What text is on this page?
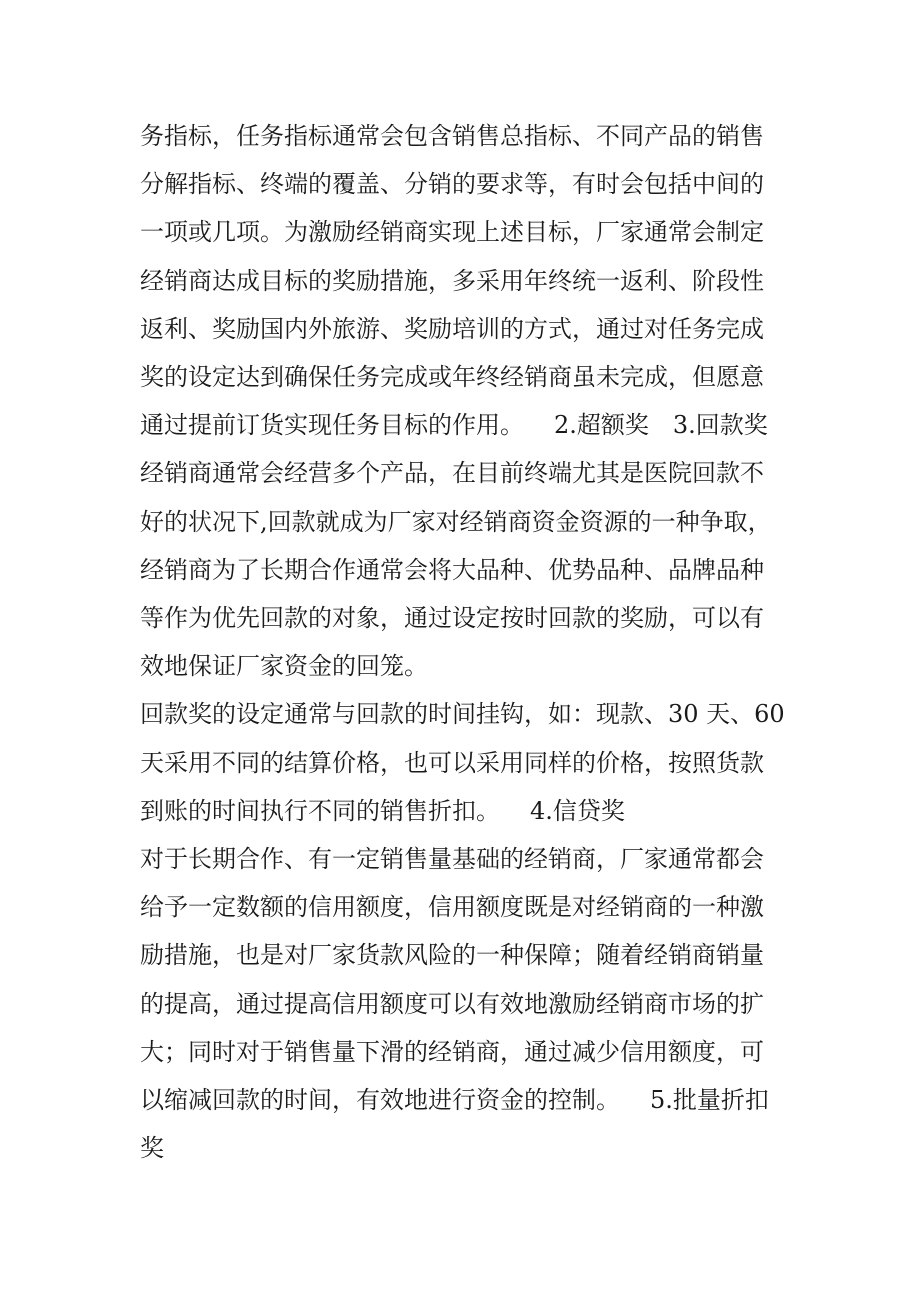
务指标，任务指标通常会包含销售总指标、不同产品的销售
分解指标、终端的覆盖、分销的要求等，有时会包括中间的
一项或几项。为激励经销商实现上述目标，厂家通常会制定
经销商达成目标的奖励措施，多采用年终统一返利、阶段性
返利、奖励国内外旅游、奖励培训的方式，通过对任务完成
奖的设定达到确保任务完成或年终经销商虽未完成，但愿意
通过提前订货实现任务目标的作用。 2.超额奖 3.回款奖
经销商通常会经营多个产品，在目前终端尤其是医院回款不
好的状况下,回款就成为厂家对经销商资金资源的一种争取，
经销商为了长期合作通常会将大品种、优势品种、品牌品种
等作为优先回款的对象，通过设定按时回款的奖励，可以有
效地保证厂家资金的回笼。

回款奖的设定通常与回款的时间挂钩，如：现款、30 天、60
天采用不同的结算价格，也可以采用同样的价格，按照货款
到账的时间执行不同的销售折扣。 4.信贷奖

对于长期合作、有一定销售量基础的经销商，厂家通常都会
给予一定数额的信用额度，信用额度既是对经销商的一种激
励措施，也是对厂家货款风险的一种保障；随着经销商销量
的提高，通过提高信用额度可以有效地激励经销商市场的扩
大；同时对于销售量下滑的经销商，通过减少信用额度，可
以缩减回款的时间，有效地进行资金的控制。 5.批量折扣
奖
